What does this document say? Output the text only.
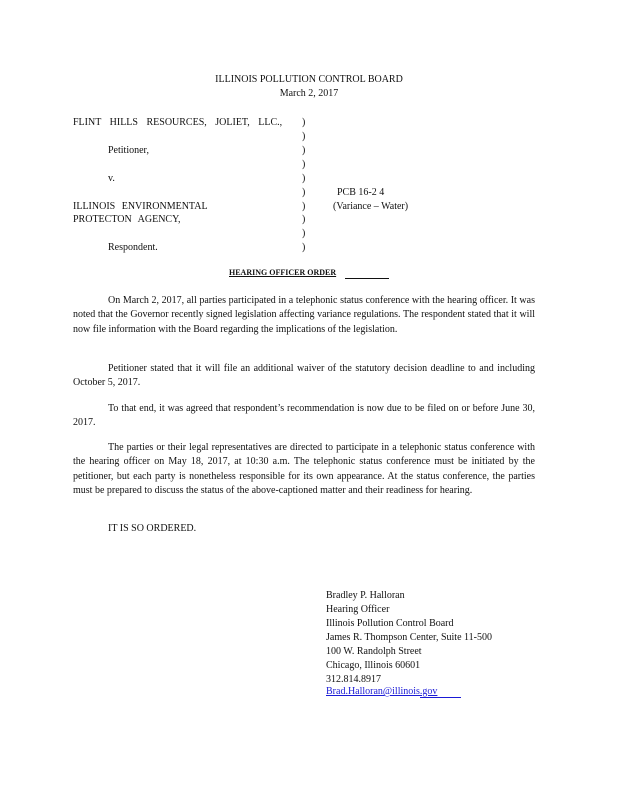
ILLINOIS POLLUTION CONTROL BOARD
March 2, 2017
FLINT HILLS RESOURCES, JOLIET, LLC.,
Petitioner,
v.
ILLINOIS ENVIRONMENTAL
PROTECTON AGENCY,
Respondent.
)
)
)
)
)
)
)
)
)
)
PCB 16-2 4
(Variance – Water)
HEARING OFFICER ORDER
On March 2, 2017, all parties participated in a telephonic status conference with the hearing officer. It was noted that the Governor recently signed legislation affecting variance regulations. The respondent stated that it will now file information with the Board regarding the implications of the legislation.
Petitioner stated that it will file an additional waiver of the statutory decision deadline to and including October 5, 2017.
To that end, it was agreed that respondent’s recommendation is now due to be filed on or before June 30, 2017.
The parties or their legal representatives are directed to participate in a telephonic status conference with the hearing officer on May 18, 2017, at 10:30 a.m. The telephonic status conference must be initiated by the petitioner, but each party is nonetheless responsible for its own appearance. At the status conference, the parties must be prepared to discuss the status of the above-captioned matter and their readiness for hearing.
IT IS SO ORDERED.
Bradley P. Halloran
Hearing Officer
Illinois Pollution Control Board
James R. Thompson Center, Suite 11-500
100 W. Randolph Street
Chicago, Illinois 60601
312.814.8917
Brad.Halloran@illinois.gov
